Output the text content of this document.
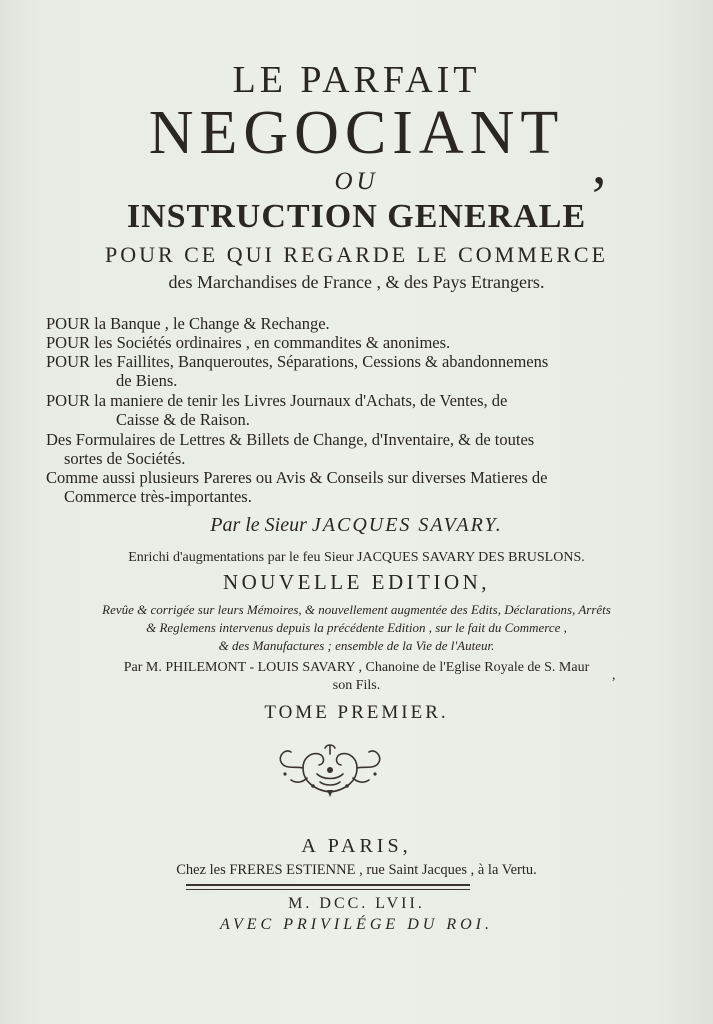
LE PARFAIT
NEGOCIANT ,
OU
INSTRUCTION GENERALE
POUR CE QUI REGARDE LE COMMERCE
des Marchandises de France , & des Pays Etrangers.
POUR la Banque , le Change & Rechange.
POUR les Sociétés ordinaires , en commandites & anonimes.
POUR les Faillites, Banqueroutes, Séparations, Cessions & abandonnemens
de Biens.
POUR la maniere de tenir les Livres Journaux d'Achats, de Ventes, de
Caisse & de Raison.
Des Formulaires de Lettres & Billets de Change, d'Inventaire, & de toutes
sortes de Sociétés.
Comme aussi plusieurs Pareres ou Avis & Conseils sur diverses Matieres de
Commerce très-importantes.
Par le Sieur JACQUES SAVARY.
Enrichi d'augmentations par le feu Sieur JACQUES SAVARY DES BRUSLONS.
NOUVELLE EDITION,
Revûe & corrigée sur leurs Mémoires, & nouvellement augmentée des Edits, Déclarations, Arrêts
& Reglemens intervenus depuis la précédente Edition , sur le fait du Commerce ,
& des Manufactures ; ensemble de la Vie de l'Auteur.
Par M. PHILEMONT - LOUIS SAVARY , Chanoine de l'Eglise Royale de S. Maur
,
son Fils.
TOME PREMIER.
A PARIS,
Chez les FRERES ESTIENNE , rue Saint Jacques , à la Vertu.
M. DCC. LVII.
AVEC PRIVILÉGE DU ROI.
